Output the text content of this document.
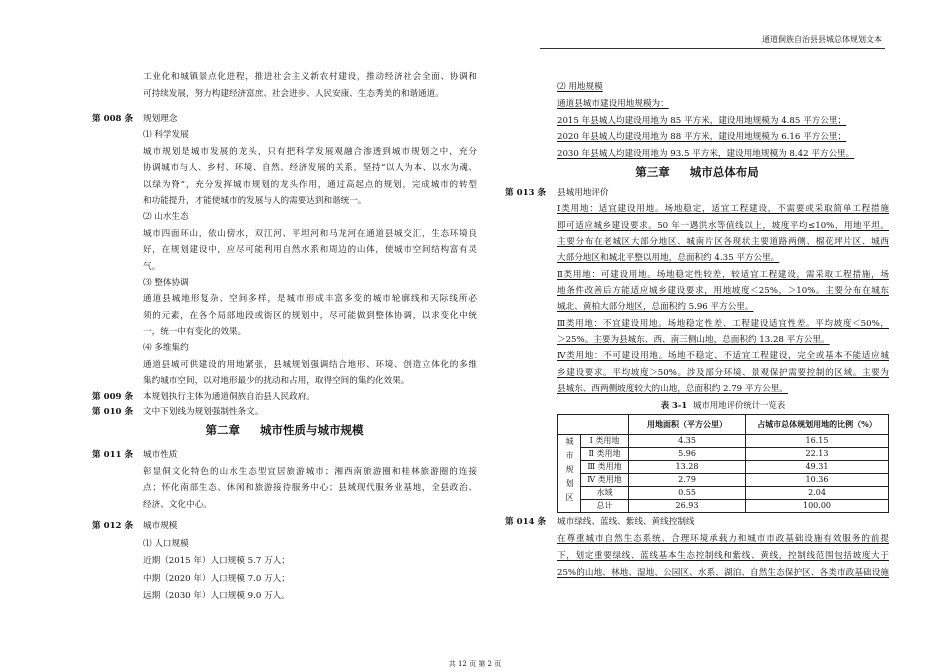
通道侗族自治县县城总体规划文本
工业化和城镇景点化进程，推进社会主义新农村建设，推动经济社会全面、协调和
可持续发展，努力构建经济富庶、社会进步、人民安康、生态秀美的和谐通道。
第 008 条 规划理念
⑴ 科学发展
城市规划是城市发展的龙头，只有把科学发展观融合渗透到城市规划之中，充分
协调城市与人、乡村、环境、自然、经济发展的关系，坚持“以人为本、以水为魂、
以绿为脊”，充分发挥城市规划的龙头作用，通过高起点的规划，完成城市的转型
和功能提升，才能使城市的发展与人的需要达到和谐统一。
⑵ 山水生态
城市四面环山，依山傍水，双江河、平坦河和马龙河在通道县城交汇，生态环境良
好，在规划建设中，应尽可能利用自然水系和周边的山体，使城市空间结构富有灵
气。
⑶ 整体协调
通道县城地形复杂、空间多样，是城市形成丰富多变的城市轮廓线和天际线所必
须的元素，在各个局部地段或街区的规划中，尽可能做到整体协调，以求变化中统
一，统一中有变化的效果。
⑷ 多维集约
通道县城可供建设的用地紧张，县城规划强调结合地形、环境、创造立体化的多维
集约城市空间，以对地形最少的扰动和占用，取得空间的集约化效果。
第 009 条 本规划执行主体为通道侗族自治县人民政府。
第 010 条 文中下划线为规划强制性条文。
第二章 城市性质与城市规模
第 011 条 城市性质
彰显侗文化特色的山水生态型宜居旅游城市；湘西南旅游圈和桂林旅游圈的连接
点；怀化南部生态、休闲和旅游接待服务中心；县域现代服务业基地，全县政治、
经济、文化中心。
第 012 条 城市规模
⑴ 人口规模
近期（2015 年）人口规模 5.7 万人；
中期（2020 年）人口规模 7.0 万人；
远期（2030 年）人口规模 9.0 万人。
⑵ 用地规模
通道县城市建设用地规模为：
2015 年县城人均建设用地为 85 平方米，建设用地规模为 4.85 平方公里；
2020 年县城人均建设用地为 88 平方米，建设用地规模为 6.16 平方公里；
2030 年县城人均建设用地为 93.5 平方米，建设用地规模为 8.42 平方公里。
第三章 城市总体布局
第 013 条 县城用地评价
Ⅰ类用地：适宜建设用地。场地稳定，适宜工程建设，不需要或采取简单工程措施
即可适应城乡建设要求。50 年一遇洪水等值线以上，坡度平均≤10%，用地平坦。
主要分布在老城区大部分地区、城南片区各现状主要道路两侧、榴花坪片区、城西
大部分地区和城北平整以用地，总面积约 4.35 平方公里。
Ⅱ类用地：可建设用地。场地稳定性较差，较适宜工程建设，需采取工程措施，场
地条件改善后方能适应城乡建设要求，用地坡度＜25%，＞10%。主要分布在城东
城北、黄柏大部分地区，总面积约 5.96 平方公里。
Ⅲ类用地：不宜建设用地。场地稳定性差、工程建设适宜性差。平均坡度＜50%，
＞25%。主要为县城东、西、南三侧山地，总面积约 13.28 平方公里。
Ⅳ类用地：不可建设用地。场地不稳定、不适宜工程建设，完全或基本不能适应城
乡建设要求。平均坡度＞50%。涉及部分环境、景观保护需要控制的区域。主要为
县城东、西两侧坡度较大的山地，总面积约 2.79 平方公里。
表 3-1 城市用地评价统计一览表
		用地面积（平方公里）	占城市总体规划用地的比例（%）
城市规划区	Ⅰ 类用地	4.35	16.15
	Ⅱ 类用地	5.96	22.13
	Ⅲ 类用地	13.28	49.31
	Ⅳ 类用地	2.79	10.36
	水域	0.55	2.04
	总计	26.93	100.00
第 014 条 城市绿线、蓝线、紫线、黄线控制线
在尊重城市自然生态系统、合理环境承载力和城市市政基础设施有效服务的前提
下，划定重要绿线、蓝线基本生态控制线和紫线、黄线，控制线范围包括坡度大于
25%的山地、林地、湿地、公园区、水系、湖泊、自然生态保护区、各类市政基础设施
共 12 页 第 2 页
